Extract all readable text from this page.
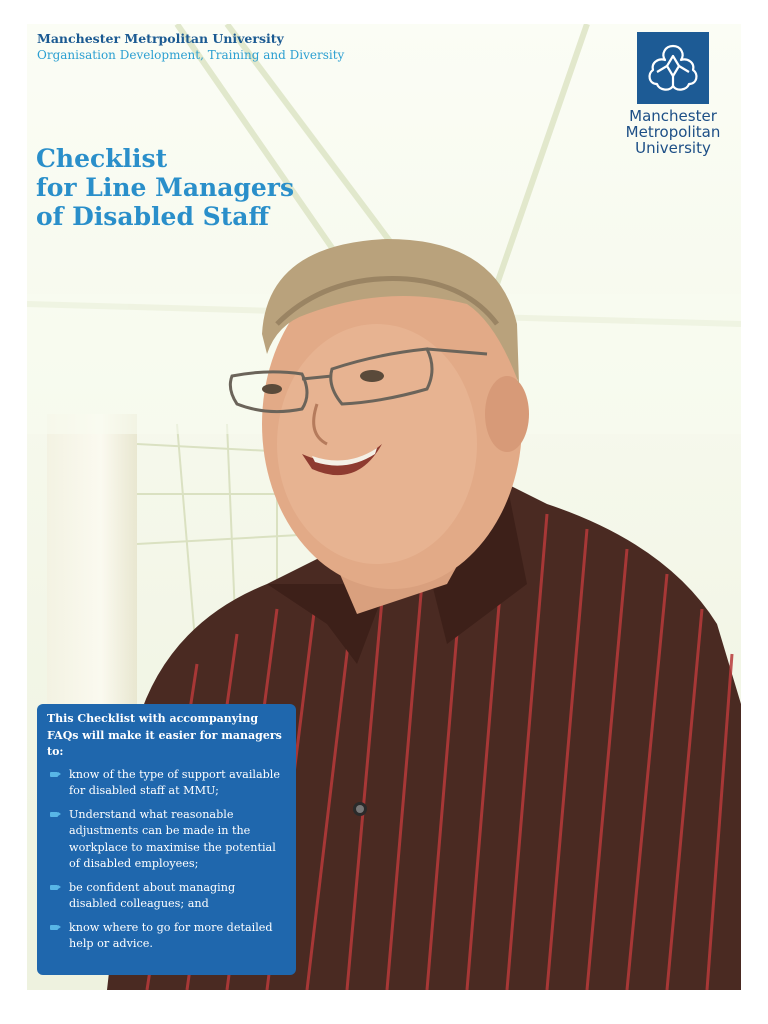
Manchester Metrpolitan University
Organisation Development, Training and Diversity
Checklist
for Line Managers
of Disabled Staff
Manchester
Metropolitan
University

This Checklist with accompanying FAQs will make it easier for managers to:

know of the type of support available for disabled staff at MMU;
Understand what reasonable adjustments can be made in the workplace to maximise the potential of disabled employees;
be confident about managing disabled colleagues; and
know where to go for more detailed help or advice.
